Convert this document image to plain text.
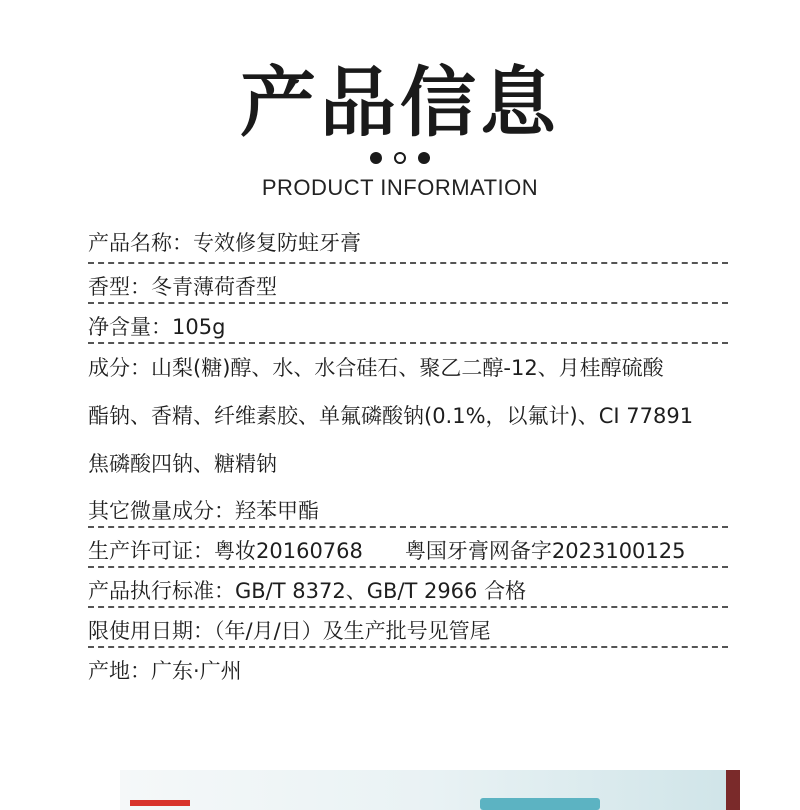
产品信息
PRODUCT INFORMATION
产品名称：专效修复防蛀牙膏
香型：冬青薄荷香型
净含量：105g
成分：山梨(糖)醇、水、水合硅石、聚乙二醇-12、月桂醇硫酸
酯钠、香精、纤维素胶、单氟磷酸钠(0.1%，以氟计)、CI 77891
焦磷酸四钠、糖精钠
其它微量成分：羟苯甲酯
生产许可证：粤妆20160768　　粤国牙膏网备字2023100125
产品执行标准：GB/T 8372、GB/T 2966 合格
限使用日期：（年/月/日）及生产批号见管尾
产地：广东·广州
